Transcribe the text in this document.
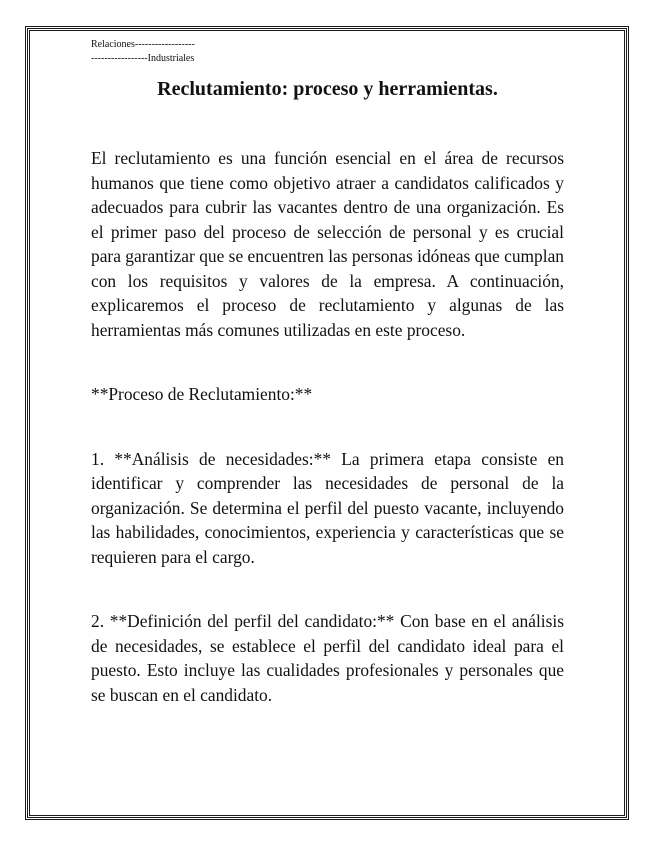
Relaciones------------------
-----------------Industriales
Reclutamiento: proceso y herramientas.

El reclutamiento es una función esencial en el área de recursos humanos que tiene como objetivo atraer a candidatos calificados y adecuados para cubrir las vacantes dentro de una organización. Es el primer paso del proceso de selección de personal y es crucial para garantizar que se encuentren las personas idóneas que cumplan con los requisitos y valores de la empresa. A continuación, explicaremos el proceso de reclutamiento y algunas de las herramientas más comunes utilizadas en este proceso.

**Proceso de Reclutamiento:**

1. **Análisis de necesidades:** La primera etapa consiste en identificar y comprender las necesidades de personal de la organización. Se determina el perfil del puesto vacante, incluyendo las habilidades, conocimientos, experiencia y características que se requieren para el cargo.

2. **Definición del perfil del candidato:** Con base en el análisis de necesidades, se establece el perfil del candidato ideal para el puesto. Esto incluye las cualidades profesionales y personales que se buscan en el candidato.
